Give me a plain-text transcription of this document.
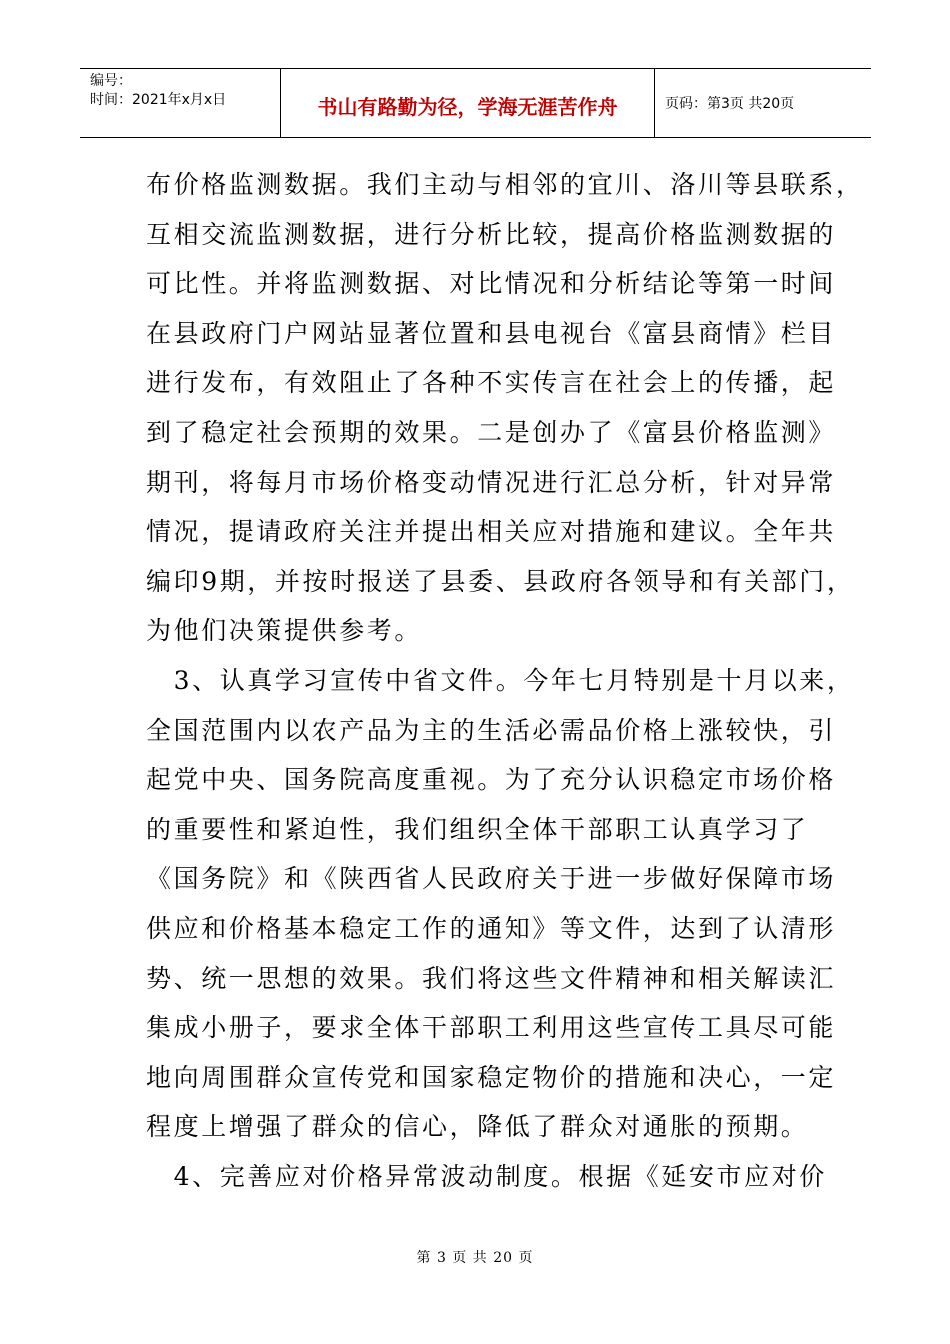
编号：
时间：2021年x月x日	书山有路勤为径，学海无涯苦作舟	页码：第3页 共20页
布价格监测数据。我们主动与相邻的宜川、洛川等县联系，
互相交流监测数据，进行分析比较，提高价格监测数据的
可比性。并将监测数据、对比情况和分析结论等第一时间
在县政府门户网站显著位置和县电视台《富县商情》栏目
进行发布，有效阻止了各种不实传言在社会上的传播，起
到了稳定社会预期的效果。二是创办了《富县价格监测》
期刊，将每月市场价格变动情况进行汇总分析，针对异常
情况，提请政府关注并提出相关应对措施和建议。全年共
编印9期，并按时报送了县委、县政府各领导和有关部门，
为他们决策提供参考。
　3、认真学习宣传中省文件。今年七月特别是十月以来，
全国范围内以农产品为主的生活必需品价格上涨较快，引
起党中央、国务院高度重视。为了充分认识稳定市场价格
的重要性和紧迫性，我们组织全体干部职工认真学习了
《国务院》和《陕西省人民政府关于进一步做好保障市场
供应和价格基本稳定工作的通知》等文件，达到了认清形
势、统一思想的效果。我们将这些文件精神和相关解读汇
集成小册子，要求全体干部职工利用这些宣传工具尽可能
地向周围群众宣传党和国家稳定物价的措施和决心，一定
程度上增强了群众的信心，降低了群众对通胀的预期。
　4、完善应对价格异常波动制度。根据《延安市应对价
第 3 页 共 20 页
